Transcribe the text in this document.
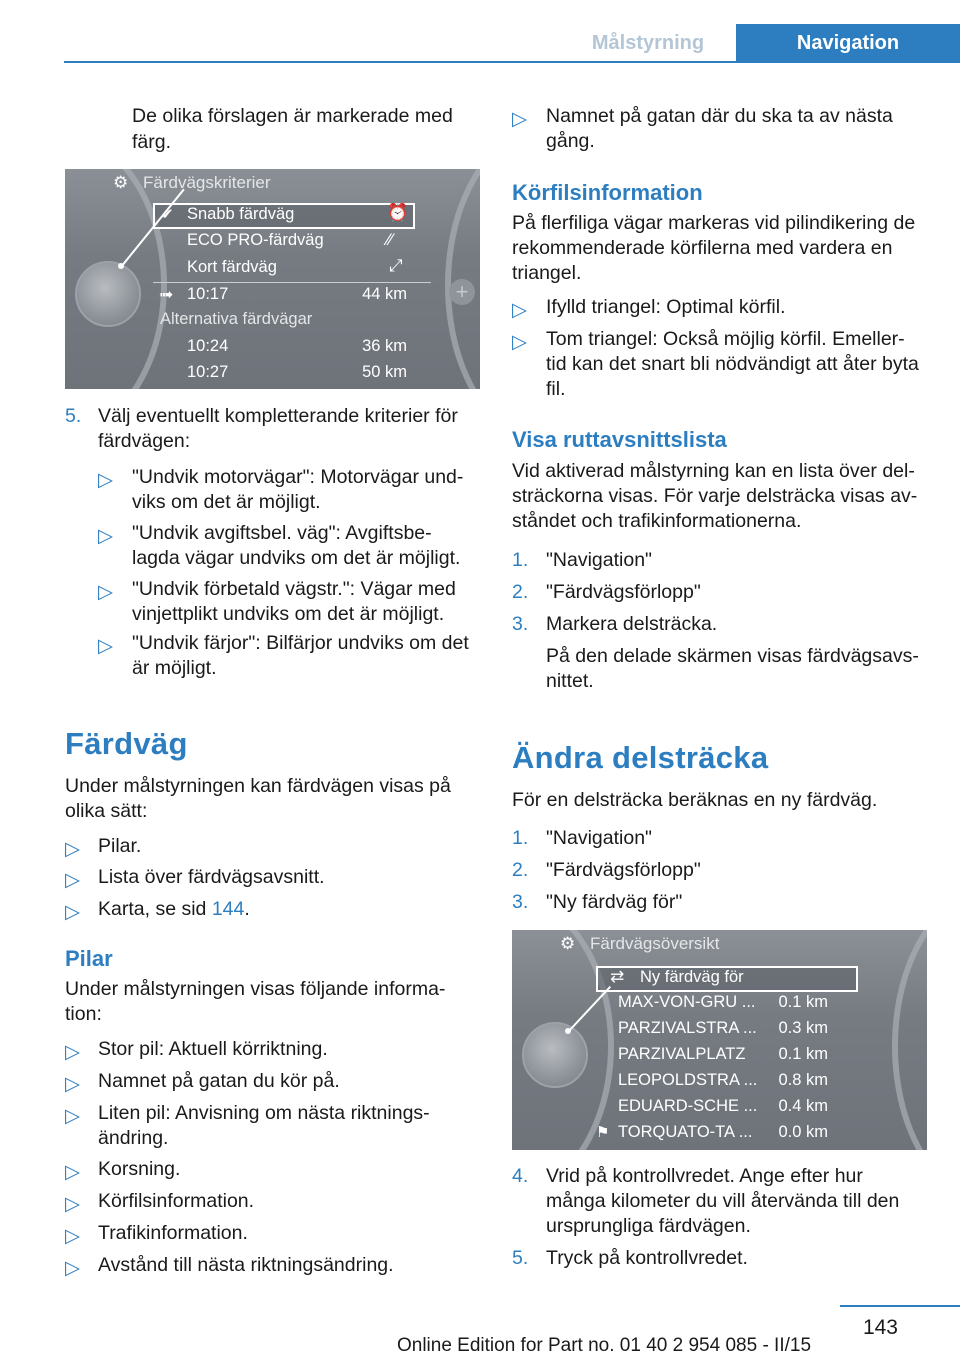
Målstyrning	Navigation
De olika förslagen är markerade med
färg.
+
⚙ Färdvägskriterier
✔ Snabb färdväg	⏰
ECO PRO-färdväg	⁄⁄
Kort färdväg	⤢
➟ 10:17	44 km
Alternativa färdvägar
10:24	36 km
10:27	50 km
5. Välj eventuellt kompletterande kriterier för
färdvägen:
▷ "Undvik motorvägar": Motorvägar und-
viks om det är möjligt.
▷ "Undvik avgiftsbel. väg": Avgiftsbe-
lagda vägar undviks om det är möjligt.
▷ "Undvik förbetald vägstr.": Vägar med
vinjettplikt undviks om det är möjligt.
▷ "Undvik färjor": Bilfärjor undviks om det
är möjligt.
Färdväg
Under målstyrningen kan färdvägen visas på
olika sätt:
▷ Pilar.
▷ Lista över färdvägsavsnitt.
▷ Karta, se sid 144.
Pilar
Under målstyrningen visas följande informa-
tion:
▷ Stor pil: Aktuell körriktning.
▷ Namnet på gatan du kör på.
▷ Liten pil: Anvisning om nästa riktnings-
ändring.
▷ Korsning.
▷ Körfilsinformation.
▷ Trafikinformation.
▷ Avstånd till nästa riktningsändring.
▷ Namnet på gatan där du ska ta av nästa
gång.
Körfilsinformation
På flerfiliga vägar markeras vid pilindikering de
rekommenderade körfilerna med vardera en
triangel.
▷ Ifylld triangel: Optimal körfil.
▷ Tom triangel: Också möjlig körfil. Emeller-
tid kan det snart bli nödvändigt att åter byta
fil.
Visa ruttavsnittslista
Vid aktiverad målstyrning kan en lista över del-
sträckorna visas. För varje delsträcka visas av-
ståndet och trafikinformationerna.
1. "Navigation"
2. "Färdvägsförlopp"
3. Markera delsträcka.
På den delade skärmen visas färdvägsavs-
nittet.
Ändra delsträcka
För en delsträcka beräknas en ny färdväg.
1. "Navigation"
2. "Färdvägsförlopp"
3. "Ny färdväg för"
⚙ Färdvägsöversikt
⇄ Ny färdväg för
MAX-VON-GRU ...	0.1 km
PARZIVALSTRA ...	0.3 km
PARZIVALPLATZ	0.1 km
LEOPOLDSTRA ...	0.8 km
EDUARD-SCHE ...	0.4 km
⚑ TORQUATO-TA ...	0.0 km
4. Vrid på kontrollvredet. Ange efter hur
många kilometer du vill återvända till den
ursprungliga färdvägen.
5. Tryck på kontrollvredet.
143
Online Edition for Part no. 01 40 2 954 085 - II/15
